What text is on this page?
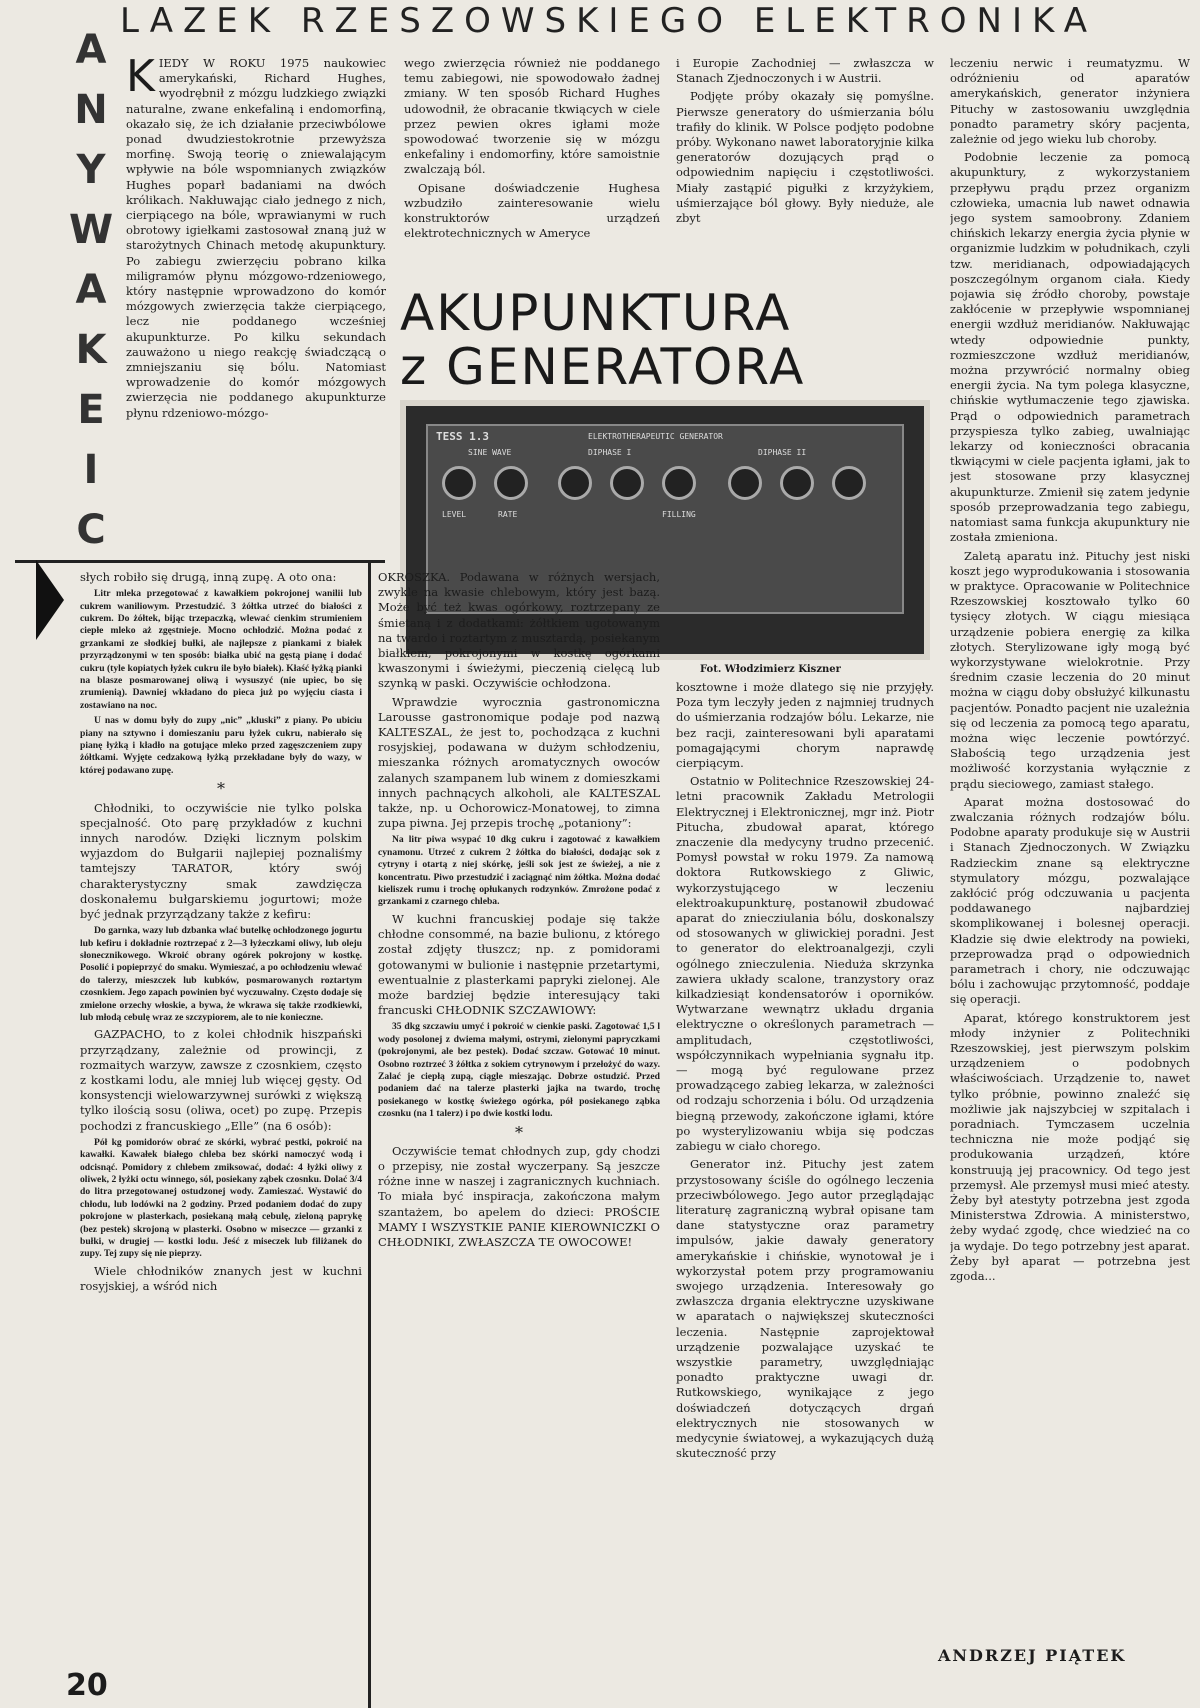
LAZEK RZESZOWSKIEGO ELEKTRONIKA
A
N
Y
W
A
K
E
I
C

KIEDY W ROKU 1975 naukowiec amerykański, Richard Hughes, wyodrębnił z mózgu ludzkiego związki naturalne, zwane enkefaliną i endomorfiną, okazało się, że ich działanie przeciwbólowe ponad dwudziestokrotnie przewyższa morfinę. Swoją teorię o zniewalającym wpływie na bóle wspomnianych związków Hughes poparł badaniami na dwóch królikach. Nakłuwając ciało jednego z nich, cierpiącego na bóle, wprawianymi w ruch obrotowy igiełkami zastosował znaną już w starożytnych Chinach metodę akupunktury. Po zabiegu zwierzęciu pobrano kilka miligramów płynu mózgowo-rdzeniowego, który następnie wprowadzono do komór mózgowych zwierzęcia także cierpiącego, lecz nie poddanego wcześniej akupunkturze. Po kilku sekundach zauważono u niego reakcję świadczącą o zmniejszaniu się bólu. Natomiast wprowadzenie do komór mózgowych zwierzęcia nie poddanego akupunkturze płynu rdzeniowo-mózgo-

wego zwierzęcia również nie poddanego temu zabiegowi, nie spowodowało żadnej zmiany. W ten sposób Richard Hughes udowodnił, że obracanie tkwiących w ciele przez pewien okres igłami może spowodować tworzenie się w mózgu enkefaliny i endomorfiny, które samoistnie zwalczają ból.

Opisane doświadczenie Hughesa wzbudziło zainteresowanie wielu konstruktorów urządzeń elektrotechnicznych w Ameryce

i Europie Zachodniej — zwłaszcza w Stanach Zjednoczonych i w Austrii.

Podjęte próby okazały się pomyślne. Pierwsze generatory do uśmierzania bólu trafiły do klinik. W Polsce podjęto podobne próby. Wykonano nawet laboratoryjnie kilka generatorów dozujących prąd o odpowiednim napięciu i częstotliwości. Miały zastąpić pigułki z krzyżykiem, uśmierzające ból głowy. Były nieduże, ale zbyt

AKUPUNKTURA
z GENERATORA
TESS 1.3	ELEKTROTHERAPEUTIC GENERATOR
SINE WAVE	DIPHASE I	DIPHASE II
LEVEL	RATE	FILLING
Fot. Włodzimierz Kiszner

leczeniu nerwic i reumatyzmu. W odróżnieniu od aparatów amerykańskich, generator inżyniera Pituchy w zastosowaniu uwzględnia ponadto parametry skóry pacjenta, zależnie od jego wieku lub choroby.

Podobnie leczenie za pomocą akupunktury, z wykorzystaniem przepływu prądu przez organizm człowieka, umacnia lub nawet odnawia jego system samoobrony. Zdaniem chińskich lekarzy energia życia płynie w organizmie ludzkim w południkach, czyli tzw. meridianach, odpowiadających poszczególnym organom ciała. Kiedy pojawia się źródło choroby, powstaje zakłócenie w przepływie wspomnianej energii wzdłuż meridianów. Nakłuwając wtedy odpowiednie punkty, rozmieszczone wzdłuż meridianów, można przywrócić normalny obieg energii życia. Na tym polega klasyczne, chińskie wytłumaczenie tego zjawiska. Prąd o odpowiednich parametrach przyspiesza tylko zabieg, uwalniając lekarzy od konieczności obracania tkwiącymi w ciele pacjenta igłami, jak to jest stosowane przy klasycznej akupunkturze. Zmienił się zatem jedynie sposób przeprowadzania tego zabiegu, natomiast sama funkcja akupunktury nie została zmieniona.

Zaletą aparatu inż. Pituchy jest niski koszt jego wyprodukowania i stosowania w praktyce. Opracowanie w Politechnice Rzeszowskiej kosztowało tylko 60 tysięcy złotych. W ciągu miesiąca urządzenie pobiera energię za kilka złotych. Sterylizowane igły mogą być wykorzystywane wielokrotnie. Przy średnim czasie leczenia do 20 minut można w ciągu doby obsłużyć kilkunastu pacjentów. Ponadto pacjent nie uzależnia się od leczenia za pomocą tego aparatu, można więc leczenie powtórzyć. Słabością tego urządzenia jest możliwość korzystania wyłącznie z prądu sieciowego, zamiast stałego.

Aparat można dostosować do zwalczania różnych rodzajów bólu. Podobne aparaty produkuje się w Austrii i Stanach Zjednoczonych. W Związku Radzieckim znane są elektryczne stymulatory mózgu, pozwalające zakłócić próg odczuwania u pacjenta poddawanego najbardziej skomplikowanej i bolesnej operacji. Kładzie się dwie elektrody na powieki, przeprowadza prąd o odpowiednich parametrach i chory, nie odczuwając bólu i zachowując przytomność, poddaje się operacji.

Aparat, którego konstruktorem jest młody inżynier z Politechniki Rzeszowskiej, jest pierwszym polskim urządzeniem o podobnych właściwościach. Urządzenie to, nawet tylko próbnie, powinno znaleźć się możliwie jak najszybciej w szpitalach i poradniach. Tymczasem uczelnia techniczna nie może podjąć się produkowania urządzeń, które konstruują jej pracownicy. Od tego jest przemysł. Ale przemysł musi mieć atesty. Żeby był atestyty potrzebna jest zgoda Ministerstwa Zdrowia. A ministerstwo, żeby wydać zgodę, chce wiedzieć na co ja wydaje. Do tego potrzebny jest aparat. Żeby był aparat — potrzebna jest zgoda...

kosztowne i może dlatego się nie przyjęły. Poza tym leczyły jeden z najmniej trudnych do uśmierzania rodzajów bólu. Lekarze, nie bez racji, zainteresowani byli aparatami pomagającymi chorym naprawdę cierpiącym.

Ostatnio w Politechnice Rzeszowskiej 24-letni pracownik Zakładu Metrologii Elektrycznej i Elektronicznej, mgr inż. Piotr Pitucha, zbudował aparat, którego znaczenie dla medycyny trudno przecenić. Pomysł powstał w roku 1979. Za namową doktora Rutkowskiego z Gliwic, wykorzystującego w leczeniu elektroakupunkturę, postanowił zbudować aparat do zniecziulania bólu, doskonalszy od stosowanych w gliwickiej poradni. Jest to generator do elektroanalgezji, czyli ogólnego znieczulenia. Nieduża skrzynka zawiera układy scalone, tranzystory oraz kilkadziesiąt kondensatorów i oporników. Wytwarzane wewnątrz układu drgania elektryczne o określonych parametrach — amplitudach, częstotliwości, współczynnikach wypełniania sygnału itp. — mogą być regulowane przez prowadzącego zabieg lekarza, w zależności od rodzaju schorzenia i bólu. Od urządzenia biegną przewody, zakończone igłami, które po wysterylizowaniu wbija się podczas zabiegu w ciało chorego.

Generator inż. Pituchy jest zatem przystosowany ściśle do ogólnego leczenia przeciwbólowego. Jego autor przeglądając literaturę zagraniczną wybrał opisane tam dane statystyczne oraz parametry impulsów, jakie dawały generatory amerykańskie i chińskie, wynotował je i wykorzystał potem przy programowaniu swojego urządzenia. Interesowały go zwłaszcza drgania elektryczne uzyskiwane w aparatach o największej skuteczności leczenia. Następnie zaprojektował urządzenie pozwalające uzyskać te wszystkie parametry, uwzględniając ponadto praktyczne uwagi dr. Rutkowskiego, wynikające z jego doświadczeń dotyczących drgań elektrycznych nie stosowanych w medycynie światowej, a wykazujących dużą skuteczność przy

słych robiło się drugą, inną zupę. A oto ona:

Litr mleka przegotować z kawałkiem pokrojonej wanilii lub cukrem waniliowym. Przestudzić. 3 żółtka utrzeć do białości z cukrem. Do żółtek, bijąc trzepaczką, wlewać cienkim strumieniem ciepłe mleko aż zgęstnieje. Mocno ochłodzić. Można podać z grzankami ze słodkiej bułki, ale najlepsze z piankami z białek przyrządzonymi w ten sposób: białka ubić na gęstą pianę i dodać cukru (tyle kopiatych łyżek cukru ile było białek). Kłaść łyżką pianki na blasze posmarowanej oliwą i wysuszyć (nie upiec, bo się zrumienią). Dawniej wkładano do pieca już po wyjęciu ciasta i zostawiano na noc.

U nas w domu były do zupy „nic” „kluski” z piany. Po ubiciu piany na sztywno i domieszaniu paru łyżek cukru, nabierało się pianę łyżką i kładło na gotujące mleko przed zagęszczeniem zupy żółtkami. Wyjęte cedzakową łyżką przekładane były do wazy, w której podawano zupę.

*

Chłodniki, to oczywiście nie tylko polska specjalność. Oto parę przykładów z kuchni innych narodów. Dzięki licznym polskim wyjazdom do Bułgarii najlepiej poznaliśmy tamtejszy TARATOR, który swój charakterystyczny smak zawdzięcza doskonałemu bułgarskiemu jogurtowi; może być jednak przyrządzany także z kefiru:

Do garnka, wazy lub dzbanka wlać butelkę ochłodzonego jogurtu lub kefiru i dokładnie roztrzepać z 2—3 łyżeczkami oliwy, lub oleju słonecznikowego. Wkroić obrany ogórek pokrojony w kostkę. Posolić i popieprzyć do smaku. Wymieszać, a po ochłodzeniu wlewać do talerzy, mieszczek lub kubków, posmarowanych roztartym czosnkiem. Jego zapach powinien być wyczuwalny. Często dodaje się zmielone orzechy włoskie, a bywa, że wkrawa się także rzodkiewki, lub młodą cebulę wraz ze szczypiorem, ale to nie konieczne.

GAZPACHO, to z kolei chłodnik hiszpański przyrządzany, zależnie od prowincji, z rozmaitych warzyw, zawsze z czosnkiem, często z kostkami lodu, ale mniej lub więcej gęsty. Od konsystencji wielowarzywnej surówki z większą tylko ilością sosu (oliwa, ocet) po zupę. Przepis pochodzi z francuskiego „Elle” (na 6 osób):

Pół kg pomidorów obrać ze skórki, wybrać pestki, pokroić na kawałki. Kawałek białego chleba bez skórki namoczyć wodą i odcisnąć. Pomidory z chlebem zmiksować, dodać: 4 łyżki oliwy z oliwek, 2 łyżki octu winnego, sól, posiekany ząbek czosnku. Dolać 3/4 do litra przegotowanej ostudzonej wody. Zamieszać. Wystawić do chłodu, lub lodówki na 2 godziny. Przed podaniem dodać do zupy pokrojone w plasterkach, posiekaną małą cebulę, zieloną paprykę (bez pestek) skrojoną w plasterki. Osobno w miseczce — grzanki z bułki, w drugiej — kostki lodu. Jeść z miseczek lub filiżanek do zupy. Tej zupy się nie pieprzy.

Wiele chłodników znanych jest w kuchni rosyjskiej, a wśród nich

OKROSZKA. Podawana w różnych wersjach, zwykle na kwasie chlebowym, który jest bazą. Może być też kwas ogórkowy, roztrzepany ze śmietaną i z dodatkami: żółtkiem ugotowanym na twardo i roztartym z musztardą, posiekanym białkiem, pokrojonymi w kostkę ogórkami kwaszonymi i świeżymi, pieczenią cielęcą lub szynką w paski. Oczywiście ochłodzona.

Wprawdzie wyrocznia gastronomiczna Larousse gastronomique podaje pod nazwą KALTESZAL, że jest to, pochodząca z kuchni rosyjskiej, podawana w dużym schłodzeniu, mieszanka różnych aromatycznych owoców zalanych szampanem lub winem z domieszkami innych pachnących alkoholi, ale KALTESZAL także, np. u Ochorowicz-Monatowej, to zimna zupa piwna. Jej przepis trochę „potaniony”:

Na litr piwa wsypać 10 dkg cukru i zagotować z kawałkiem cynamonu. Utrzeć z cukrem 2 żółtka do białości, dodając sok z cytryny i otartą z niej skórkę, jeśli sok jest ze świeżej, a nie z koncentratu. Piwo przestudzić i zaciągnąć nim żółtka. Można dodać kieliszek rumu i trochę opłukanych rodzynków. Zmrożone podać z grzankami z czarnego chleba.

W kuchni francuskiej podaje się także chłodne consommé, na bazie bulionu, z którego został zdjęty tłuszcz; np. z pomidorami gotowanymi w bulionie i następnie przetartymi, ewentualnie z plasterkami papryki zielonej. Ale może bardziej będzie interesujący taki francuski CHŁODNIK SZCZAWIOWY:

35 dkg szczawiu umyć i pokroić w cienkie paski. Zagotować 1,5 l wody posolonej z dwiema małymi, ostrymi, zielonymi papryczkami (pokrojonymi, ale bez pestek). Dodać szczaw. Gotować 10 minut. Osobno roztrzeć 3 żółtka z sokiem cytrynowym i przełożyć do wazy. Zalać je ciepłą zupą, ciągle mieszając. Dobrze ostudzić. Przed podaniem dać na talerze plasterki jajka na twardo, trochę posiekanego w kostkę świeżego ogórka, pół posiekanego ząbka czosnku (na 1 talerz) i po dwie kostki lodu.

*

Oczywiście temat chłodnych zup, gdy chodzi o przepisy, nie został wyczerpany. Są jeszcze różne inne w naszej i zagranicznych kuchniach. To miała być inspiracja, zakończona małym szantażem, bo apelem do dzieci: PROŚCIE MAMY I WSZYSTKIE PANIE KIEROWNICZKI O CHŁODNIKI, ZWŁASZCZA TE OWOCOWE!

20
ANDRZEJ PIĄTEK
